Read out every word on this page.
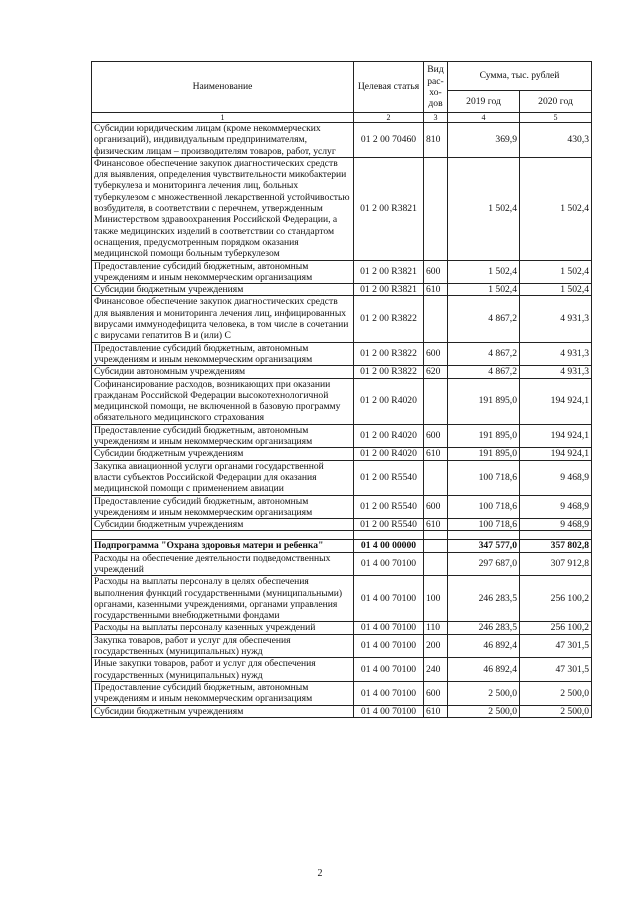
Наименование	Целевая статья	Вид рас-хо-дов	Сумма, тыс. рублей	
			2019 год	2020 год
1	2	3	4	5
Субсидии юридическим лицам (кроме некоммерческих организаций), индивидуальным предпринимателям, физическим лицам – производителям товаров, работ, услуг	01 2 00 70460	810	369,9	430,3
Финансовое обеспечение закупок диагностических средств для выявления, определения чувствительности микобактерии туберкулеза и мониторинга лечения лиц, больных туберкулезом с множественной лекарственной устойчивостью возбудителя, в соответствии с перечнем, утвержденным Министерством здравоохранения Российской Федерации, а также медицинских изделий в соответствии со стандартом оснащения, предусмотренным порядком оказания медицинской помощи больным туберкулезом	01 2 00 R3821		1 502,4	1 502,4
Предоставление субсидий бюджетным, автономным учреждениям и иным некоммерческим организациям	01 2 00 R3821	600	1 502,4	1 502,4
Субсидии бюджетным учреждениям	01 2 00 R3821	610	1 502,4	1 502,4
Финансовое обеспечение закупок диагностических средств для выявления и мониторинга лечения лиц, инфицированных вирусами иммунодефицита человека, в том числе в сочетании с вирусами гепатитов B и (или) C	01 2 00 R3822		4 867,2	4 931,3
Предоставление субсидий бюджетным, автономным учреждениям и иным некоммерческим организациям	01 2 00 R3822	600	4 867,2	4 931,3
Субсидии автономным учреждениям	01 2 00 R3822	620	4 867,2	4 931,3
Софинансирование расходов, возникающих при оказании гражданам Российской Федерации высокотехнологичной медицинской помощи, не включенной в базовую программу обязательного медицинского страхования	01 2 00 R4020		191 895,0	194 924,1
Предоставление субсидий бюджетным, автономным учреждениям и иным некоммерческим организациям	01 2 00 R4020	600	191 895,0	194 924,1
Субсидии бюджетным учреждениям	01 2 00 R4020	610	191 895,0	194 924,1
Закупка авиационной услуги органами государственной власти субъектов Российской Федерации для оказания медицинской помощи с применением авиации	01 2 00 R5540		100 718,6	9 468,9
Предоставление субсидий бюджетным, автономным учреждениям и иным некоммерческим организациям	01 2 00 R5540	600	100 718,6	9 468,9
Субсидии бюджетным учреждениям	01 2 00 R5540	610	100 718,6	9 468,9

Подпрограмма "Охрана здоровья матери и ребенка"	01 4 00 00000		347 577,0	357 802,8
Расходы на обеспечение деятельности подведомственных учреждений	01 4 00 70100		297 687,0	307 912,8
Расходы на выплаты персоналу в целях обеспечения выполнения функций государственными (муниципальными) органами, казенными учреждениями, органами управления государственными внебюджетными фондами	01 4 00 70100	100	246 283,5	256 100,2
Расходы на выплаты персоналу казенных учреждений	01 4 00 70100	110	246 283,5	256 100,2
Закупка товаров, работ и услуг для обеспечения государственных (муниципальных) нужд	01 4 00 70100	200	46 892,4	47 301,5
Иные закупки товаров, работ и услуг для обеспечения государственных (муниципальных) нужд	01 4 00 70100	240	46 892,4	47 301,5
Предоставление субсидий бюджетным, автономным учреждениям и иным некоммерческим организациям	01 4 00 70100	600	2 500,0	2 500,0
Субсидии бюджетным учреждениям	01 4 00 70100	610	2 500,0	2 500,0
2
